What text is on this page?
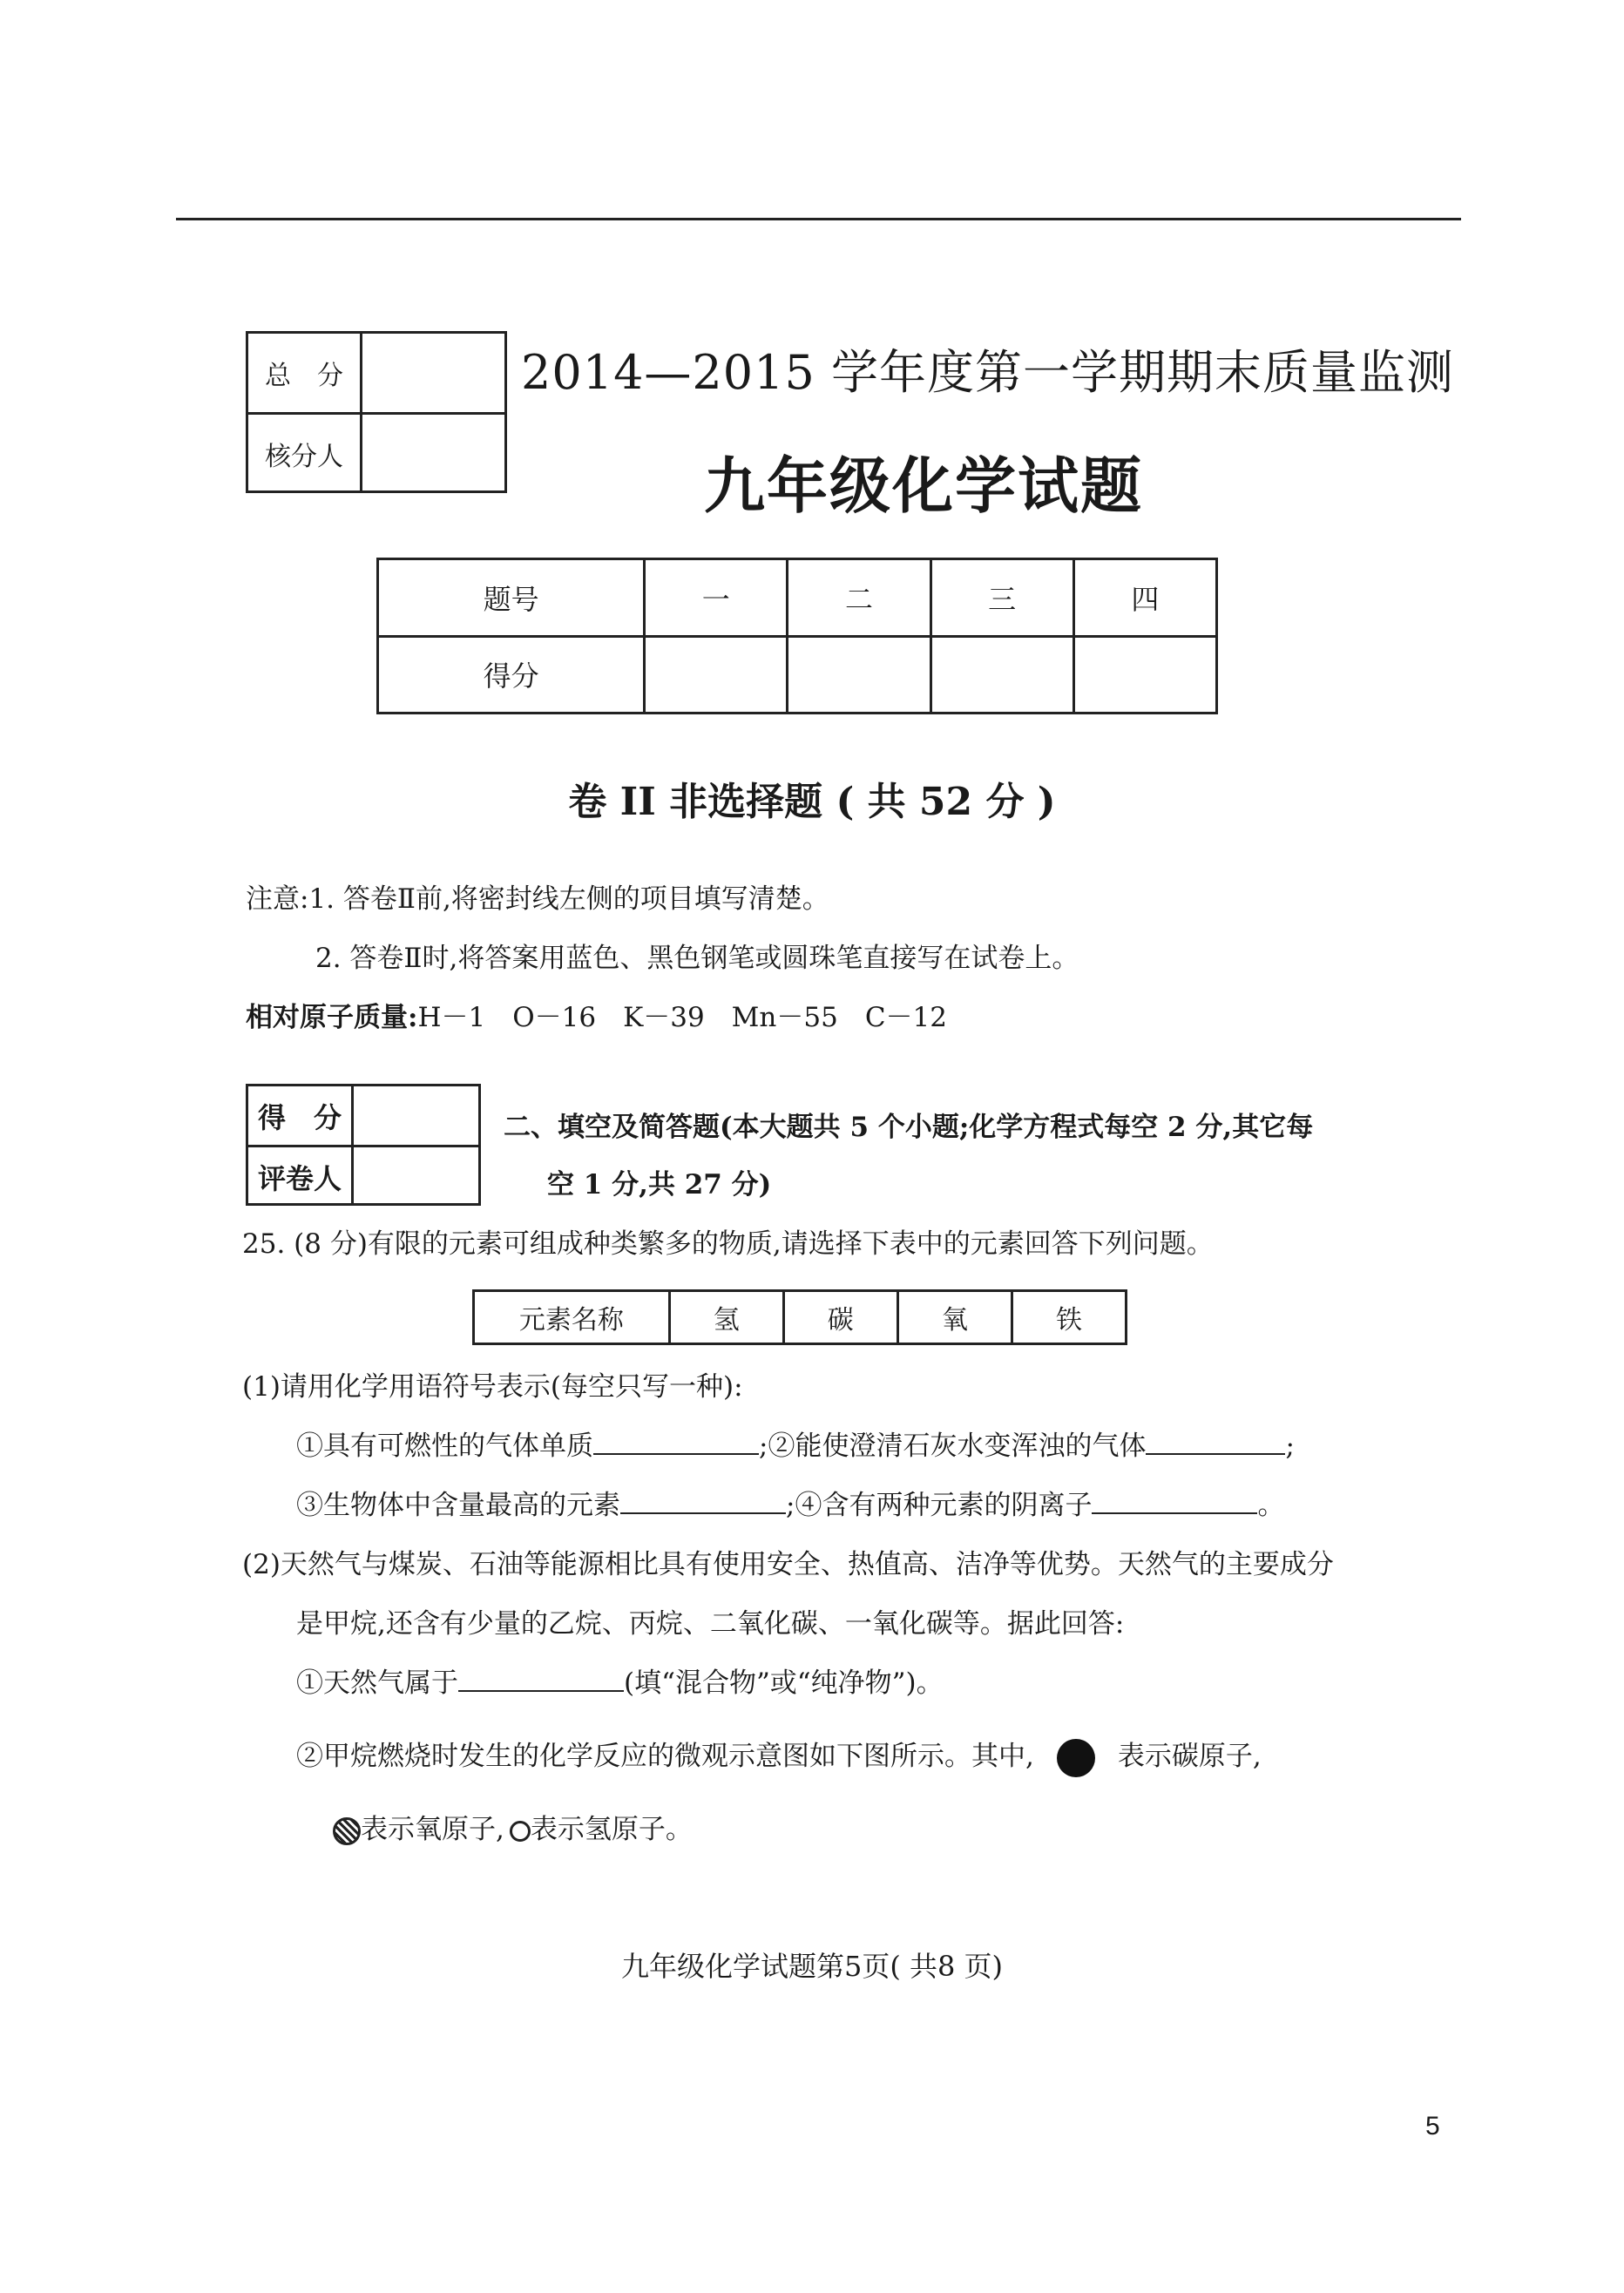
总　分
核分人
2014—2015 学年度第一学期期末质量监测
九年级化学试题
题号	一	二	三	四
得分				
卷 II 非选择题 ( 共 52 分 )
注意:1. 答卷Ⅱ前,将密封线左侧的项目填写清楚。
2. 答卷Ⅱ时,将答案用蓝色、黑色钢笔或圆珠笔直接写在试卷上。
相对原子质量:H－1　O－16　K－39　Mn－55　C－12
得　分
评卷人
二、填空及简答题(本大题共 5 个小题;化学方程式每空 2 分,其它每
空 1 分,共 27 分)
25. (8 分)有限的元素可组成种类繁多的物质,请选择下表中的元素回答下列问题。
元素名称	氢	碳	氧	铁
(1)请用化学用语符号表示(每空只写一种):
①具有可燃性的气体单质	;②能使澄清石灰水变浑浊的气体	;
③生物体中含量最高的元素	;④含有两种元素的阴离子	。
(2)天然气与煤炭、石油等能源相比具有使用安全、热值高、洁净等优势。天然气的主要成分
是甲烷,还含有少量的乙烷、丙烷、二氧化碳、一氧化碳等。据此回答:
①天然气属于	(填“混合物”或“纯净物”)。
②甲烷燃烧时发生的化学反应的微观示意图如下图所示。其中,	表示碳原子,
表示氧原子, 表示氢原子。
九年级化学试题第5页( 共8 页)
5
